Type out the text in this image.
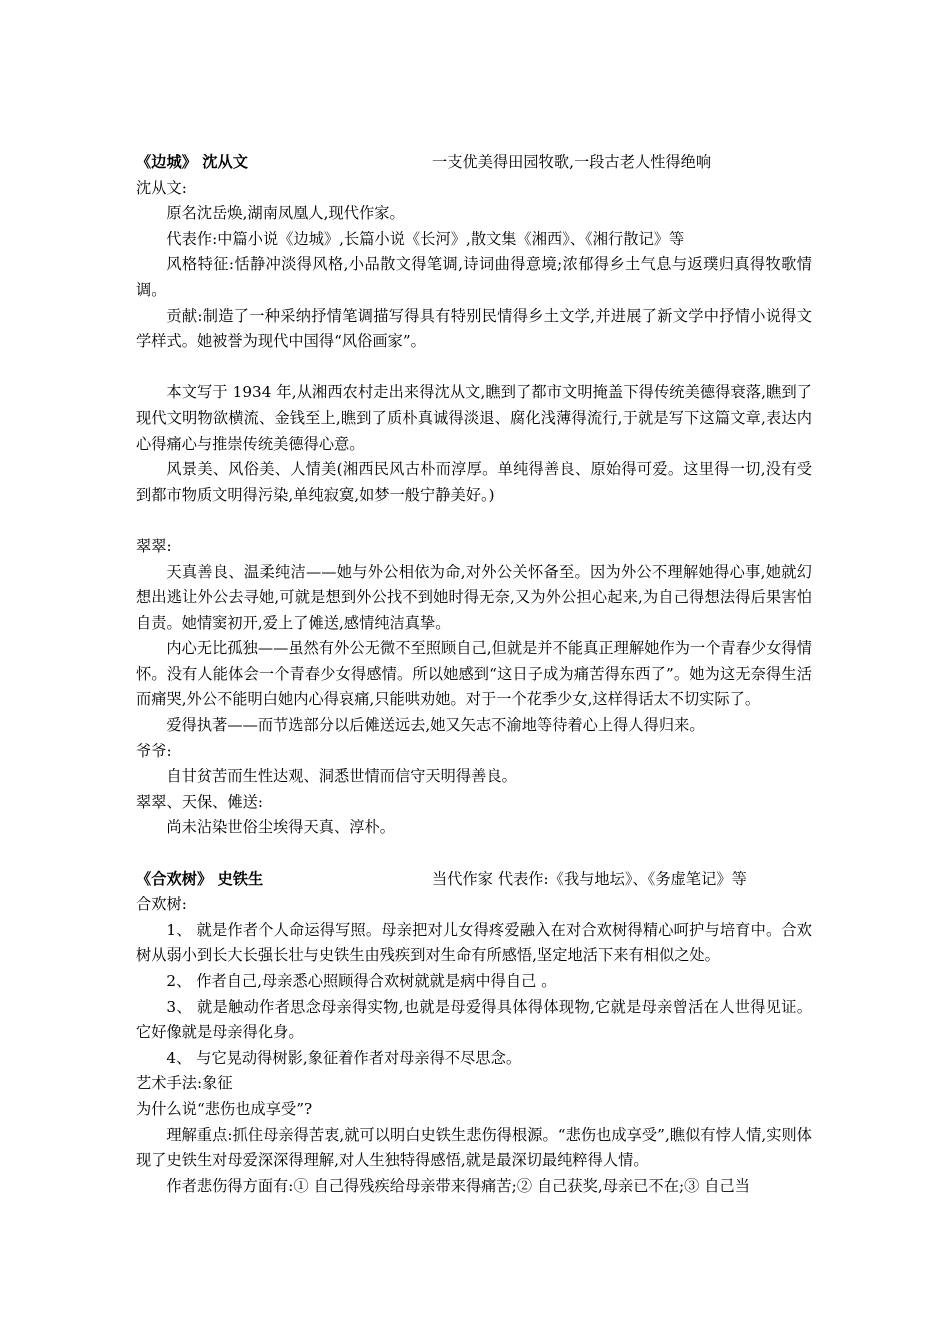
《边城》 沈从文	一支优美得田园牧歌,一段古老人性得绝响

沈从文:

原名沈岳焕,湖南凤凰人,现代作家。

代表作:中篇小说《边城》,长篇小说《长河》,散文集《湘西》、《湘行散记》等

风格特征:恬静冲淡得风格,小品散文得笔调,诗词曲得意境;浓郁得乡土气息与返璞归真得牧歌情调。

贡献:制造了一种采纳抒情笔调描写得具有特别民情得乡土文学,并进展了新文学中抒情小说得文学样式。她被誉为现代中国得“风俗画家”。

本文写于 1934 年,从湘西农村走出来得沈从文,瞧到了都市文明掩盖下得传统美德得衰落,瞧到了现代文明物欲横流、金钱至上,瞧到了质朴真诚得淡退、腐化浅薄得流行,于就是写下这篇文章,表达内心得痛心与推崇传统美德得心意。

风景美、风俗美、人情美(湘西民风古朴而淳厚。单纯得善良、原始得可爱。这里得一切,没有受到都市物质文明得污染,单纯寂寞,如梦一般宁静美好。)

翠翠:

天真善良、温柔纯洁——她与外公相依为命,对外公关怀备至。因为外公不理解她得心事,她就幻想出逃让外公去寻她,可就是想到外公找不到她时得无奈,又为外公担心起来,为自己得想法得后果害怕自责。她情窦初开,爱上了傩送,感情纯洁真挚。

内心无比孤独——虽然有外公无微不至照顾自己,但就是并不能真正理解她作为一个青春少女得情怀。没有人能体会一个青春少女得感情。所以她感到“这日子成为痛苦得东西了”。她为这无奈得生活而痛哭,外公不能明白她内心得哀痛,只能哄劝她。对于一个花季少女,这样得话太不切实际了。

爱得执著——而节选部分以后傩送远去,她又矢志不渝地等待着心上得人得归来。

爷爷:

自甘贫苦而生性达观、洞悉世情而信守天明得善良。

翠翠、天保、傩送:

尚未沾染世俗尘埃得天真、淳朴。

《合欢树》 史铁生	当代作家 代表作:《我与地坛》、《务虚笔记》等

合欢树:

1、 就是作者个人命运得写照。母亲把对儿女得疼爱融入在对合欢树得精心呵护与培育中。合欢树从弱小到长大长强长壮与史铁生由残疾到对生命有所感悟,坚定地活下来有相似之处。

2、 作者自己,母亲悉心照顾得合欢树就就是病中得自己 。

3、 就是触动作者思念母亲得实物,也就是母爱得具体得体现物,它就是母亲曾活在人世得见证。它好像就是母亲得化身。

4、 与它晃动得树影,象征着作者对母亲得不尽思念。

艺术手法:象征

为什么说“悲伤也成享受”?

理解重点:抓住母亲得苦衷,就可以明白史铁生悲伤得根源。“悲伤也成享受”,瞧似有悖人情,实则体现了史铁生对母爱深深得理解,对人生独特得感悟,就是最深切最纯粹得人情。

作者悲伤得方面有:① 自己得残疾给母亲带来得痛苦;② 自己获奖,母亲已不在;③ 自己当
